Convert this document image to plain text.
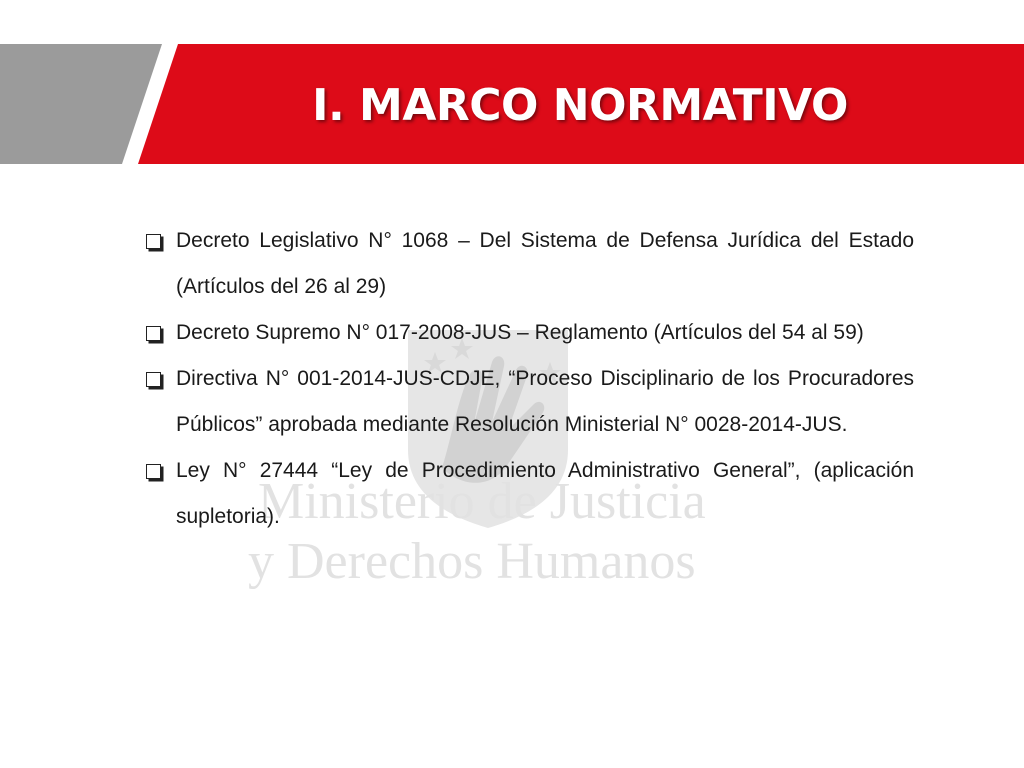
I. MARCO NORMATIVO
Ministerio de Justicia
y Derechos Humanos
Decreto Legislativo N° 1068 – Del Sistema de Defensa Jurídica del Estado (Artículos del 26 al 29)
Decreto Supremo N° 017-2008-JUS – Reglamento (Artículos del 54 al 59)
Directiva N° 001-2014-JUS-CDJE, “Proceso Disciplinario de los Procuradores Públicos” aprobada mediante Resolución Ministerial N° 0028-2014-JUS.
Ley N° 27444 “Ley de Procedimiento Administrativo General”, (aplicación supletoria).
